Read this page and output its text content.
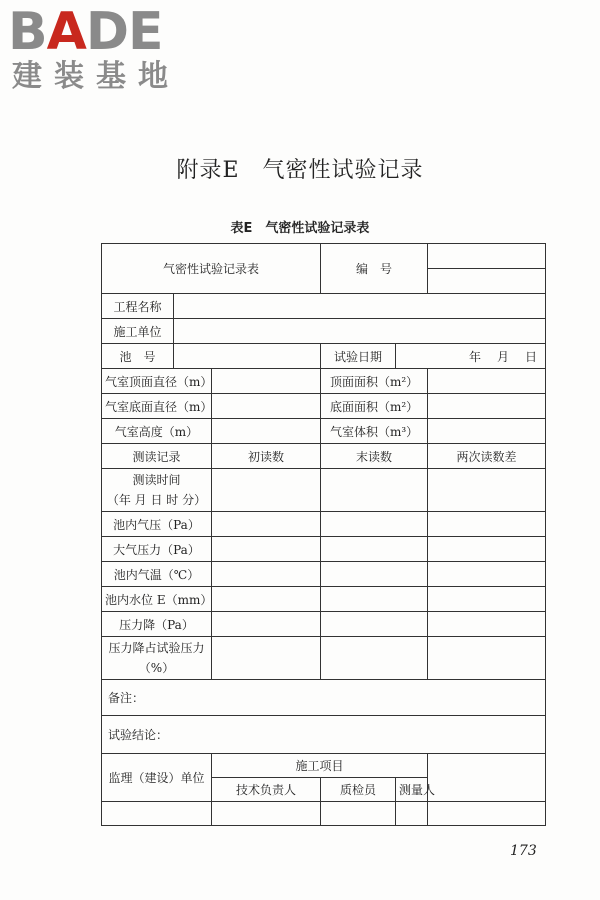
BADE
建装基地
附录E　气密性试验记录
表E　气密性试验记录表
气密性试验记录表			编　号		

工程名称					
施工单位					
池　号			试验日期	年 月 日	
气室顶面直径（m）			顶面面积（m²）		
气室底面直径（m）			底面面积（m²）		
气室高度（m）			气室体积（m³）		
测读记录		初读数	末读数		两次读数差
测读时间
（年 月 日 时 分）					
池内气压（Pa）					
大气压力（Pa）					
池内气温（℃）					
池内水位 E（mm）					
压力降（Pa）					
压力降占试验压力
（%）					
备注：					
试验结论：					
监理（建设）单位		施工项目			
		技术负责人	质检员	测量人	

173
